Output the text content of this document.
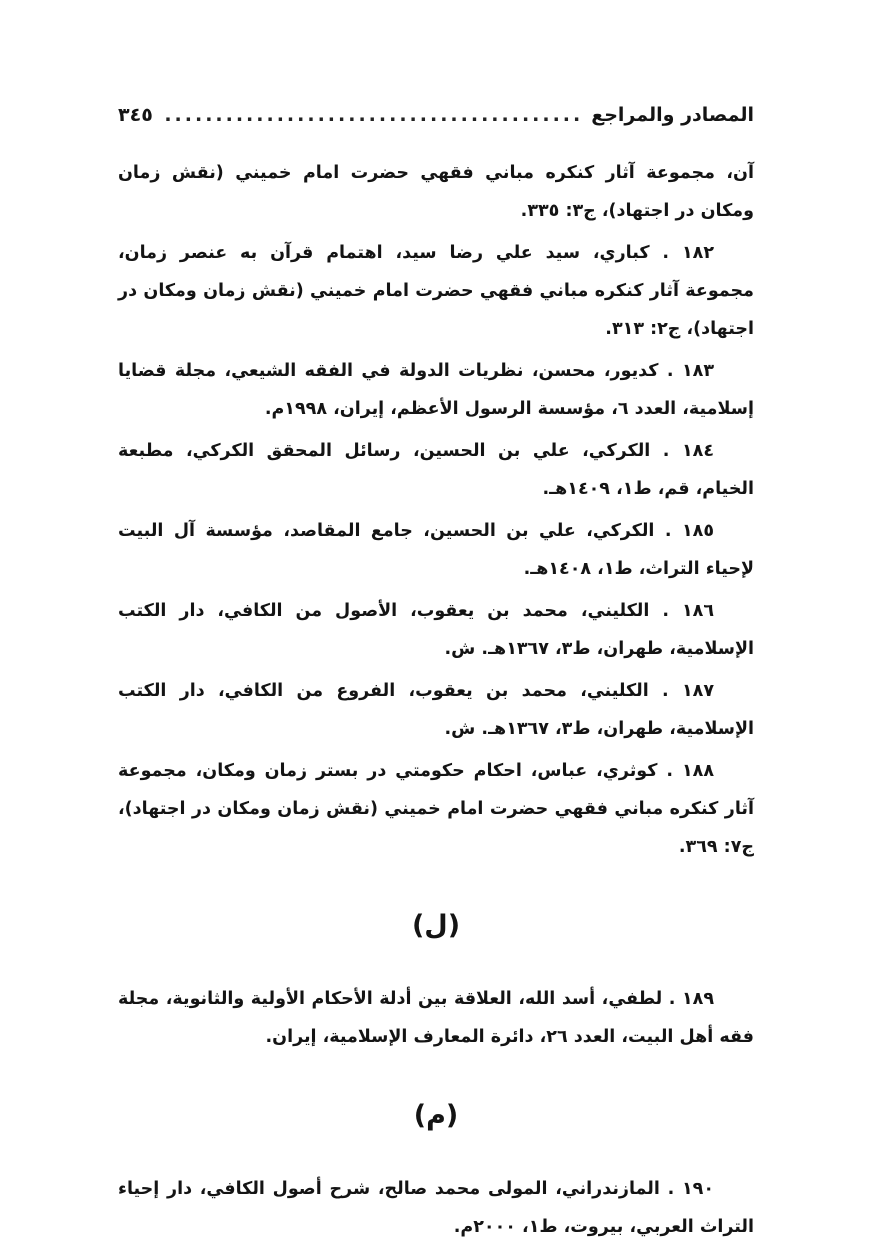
المصادر والمراجع
.....
٣٤٥

آن، مجموعة آثار كنكره مباني فقهي حضرت امام خميني (نقش زمان ومكان در اجتهاد)، ج٣: ٣٣٥.

١٨٢ . كباري، سيد علي رضا سيد، اهتمام قرآن به عنصر زمان، مجموعة آثار كنكره مباني فقهي حضرت امام خميني (نقش زمان ومكان در اجتهاد)، ج٢: ٣١٣.

١٨٣ . كديور، محسن، نظريات الدولة في الفقه الشيعي، مجلة قضايا إسلامية، العدد ٦، مؤسسة الرسول الأعظم، إيران، ١٩٩٨م.

١٨٤ . الكركي، علي بن الحسين، رسائل المحقق الكركي، مطبعة الخيام، قم، ط١، ١٤٠٩هـ.

١٨٥ . الكركي، علي بن الحسين، جامع المقاصد، مؤسسة آل البيت لإحياء التراث، ط١، ١٤٠٨هـ.

١٨٦ . الكليني، محمد بن يعقوب، الأصول من الكافي، دار الكتب الإسلامية، طهران، ط٣، ١٣٦٧هـ. ش.

١٨٧ . الكليني، محمد بن يعقوب، الفروع من الكافي، دار الكتب الإسلامية، طهران، ط٣، ١٣٦٧هـ. ش.

١٨٨ . كوثري، عباس، احكام حكومتي در بستر زمان ومكان، مجموعة آثار كنكره مباني فقهي حضرت امام خميني (نقش زمان ومكان در اجتهاد)، ج٧: ٣٦٩.

(ل)

١٨٩ . لطفي، أسد الله، العلاقة بين أدلة الأحكام الأولية والثانوية، مجلة فقه أهل البيت، العدد ٢٦، دائرة المعارف الإسلامية، إيران.

(م)

١٩٠ . المازندراني، المولى محمد صالح، شرح أصول الكافي، دار إحياء التراث العربي، بيروت، ط١، ٢٠٠٠م.
